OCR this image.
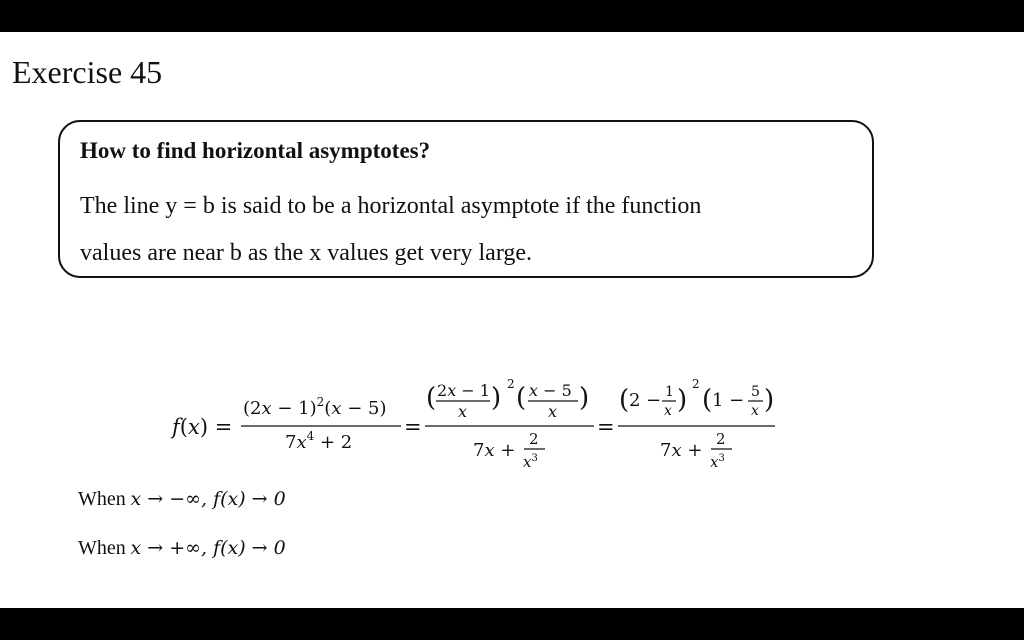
Exercise 45
How to find horizontal asymptotes?
The line y = b is said to be a horizontal asymptote if the function
values are near b as the x values get very large.
f(x) =
$(2x - 1)^2(x - 5)$
$7x^4 + 2$
=
( 2x − 1
x ) 2 ( x − 5
x )
7x +
2
$x^3$
=
( 2 − 1
x )
2
( 1 − 5
x )
7x +
2
$x^3$
When x → −∞, f(x) → 0
When x → +∞, f(x) → 0
